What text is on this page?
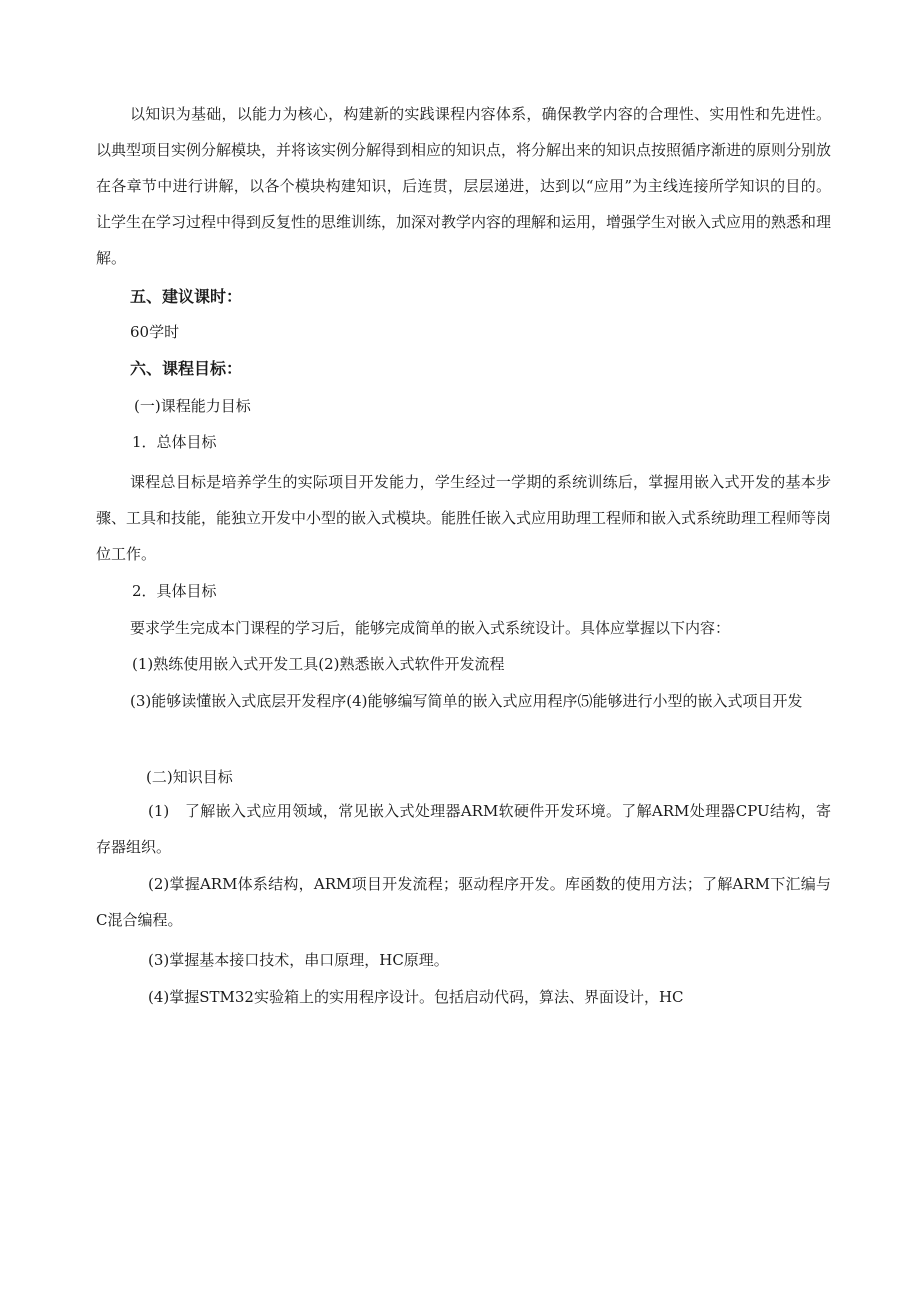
以知识为基础，以能力为核心，构建新的实践课程内容体系，确保教学内容的合理性、实用性和先进性。以典型项目实例分解模块，并将该实例分解得到相应的知识点，将分解出来的知识点按照循序渐进的原则分别放在各章节中进行讲解，以各个模块构建知识，后连贯，层层递进，达到以“应用”为主线连接所学知识的目的。让学生在学习过程中得到反复性的思维训练，加深对教学内容的理解和运用，增强学生对嵌入式应用的熟悉和理解。

五、建议课时：

60学时

六、课程目标：

(一)课程能力目标

1．总体目标

课程总目标是培养学生的实际项目开发能力，学生经过一学期的系统训练后，掌握用嵌入式开发的基本步骤、工具和技能，能独立开发中小型的嵌入式模块。能胜任嵌入式应用助理工程师和嵌入式系统助理工程师等岗位工作。

2．具体目标

要求学生完成本门课程的学习后，能够完成简单的嵌入式系统设计。具体应掌握以下内容：

(1)熟练使用嵌入式开发工具(2)熟悉嵌入式软件开发流程

(3)能够读懂嵌入式底层开发程序(4)能够编写简单的嵌入式应用程序⑸能够进行小型的嵌入式项目开发

(二)知识目标

(1)　了解嵌入式应用领域，常见嵌入式处理器ARM软硬件开发环境。了解ARM处理器CPU结构，寄存器组织。

(2)掌握ARM体系结构，ARM项目开发流程；驱动程序开发。库函数的使用方法；了解ARM下汇编与C混合编程。

(3)掌握基本接口技术，串口原理，HC原理。

(4)掌握STM32实验箱上的实用程序设计。包括启动代码，算法、界面设计，HC
